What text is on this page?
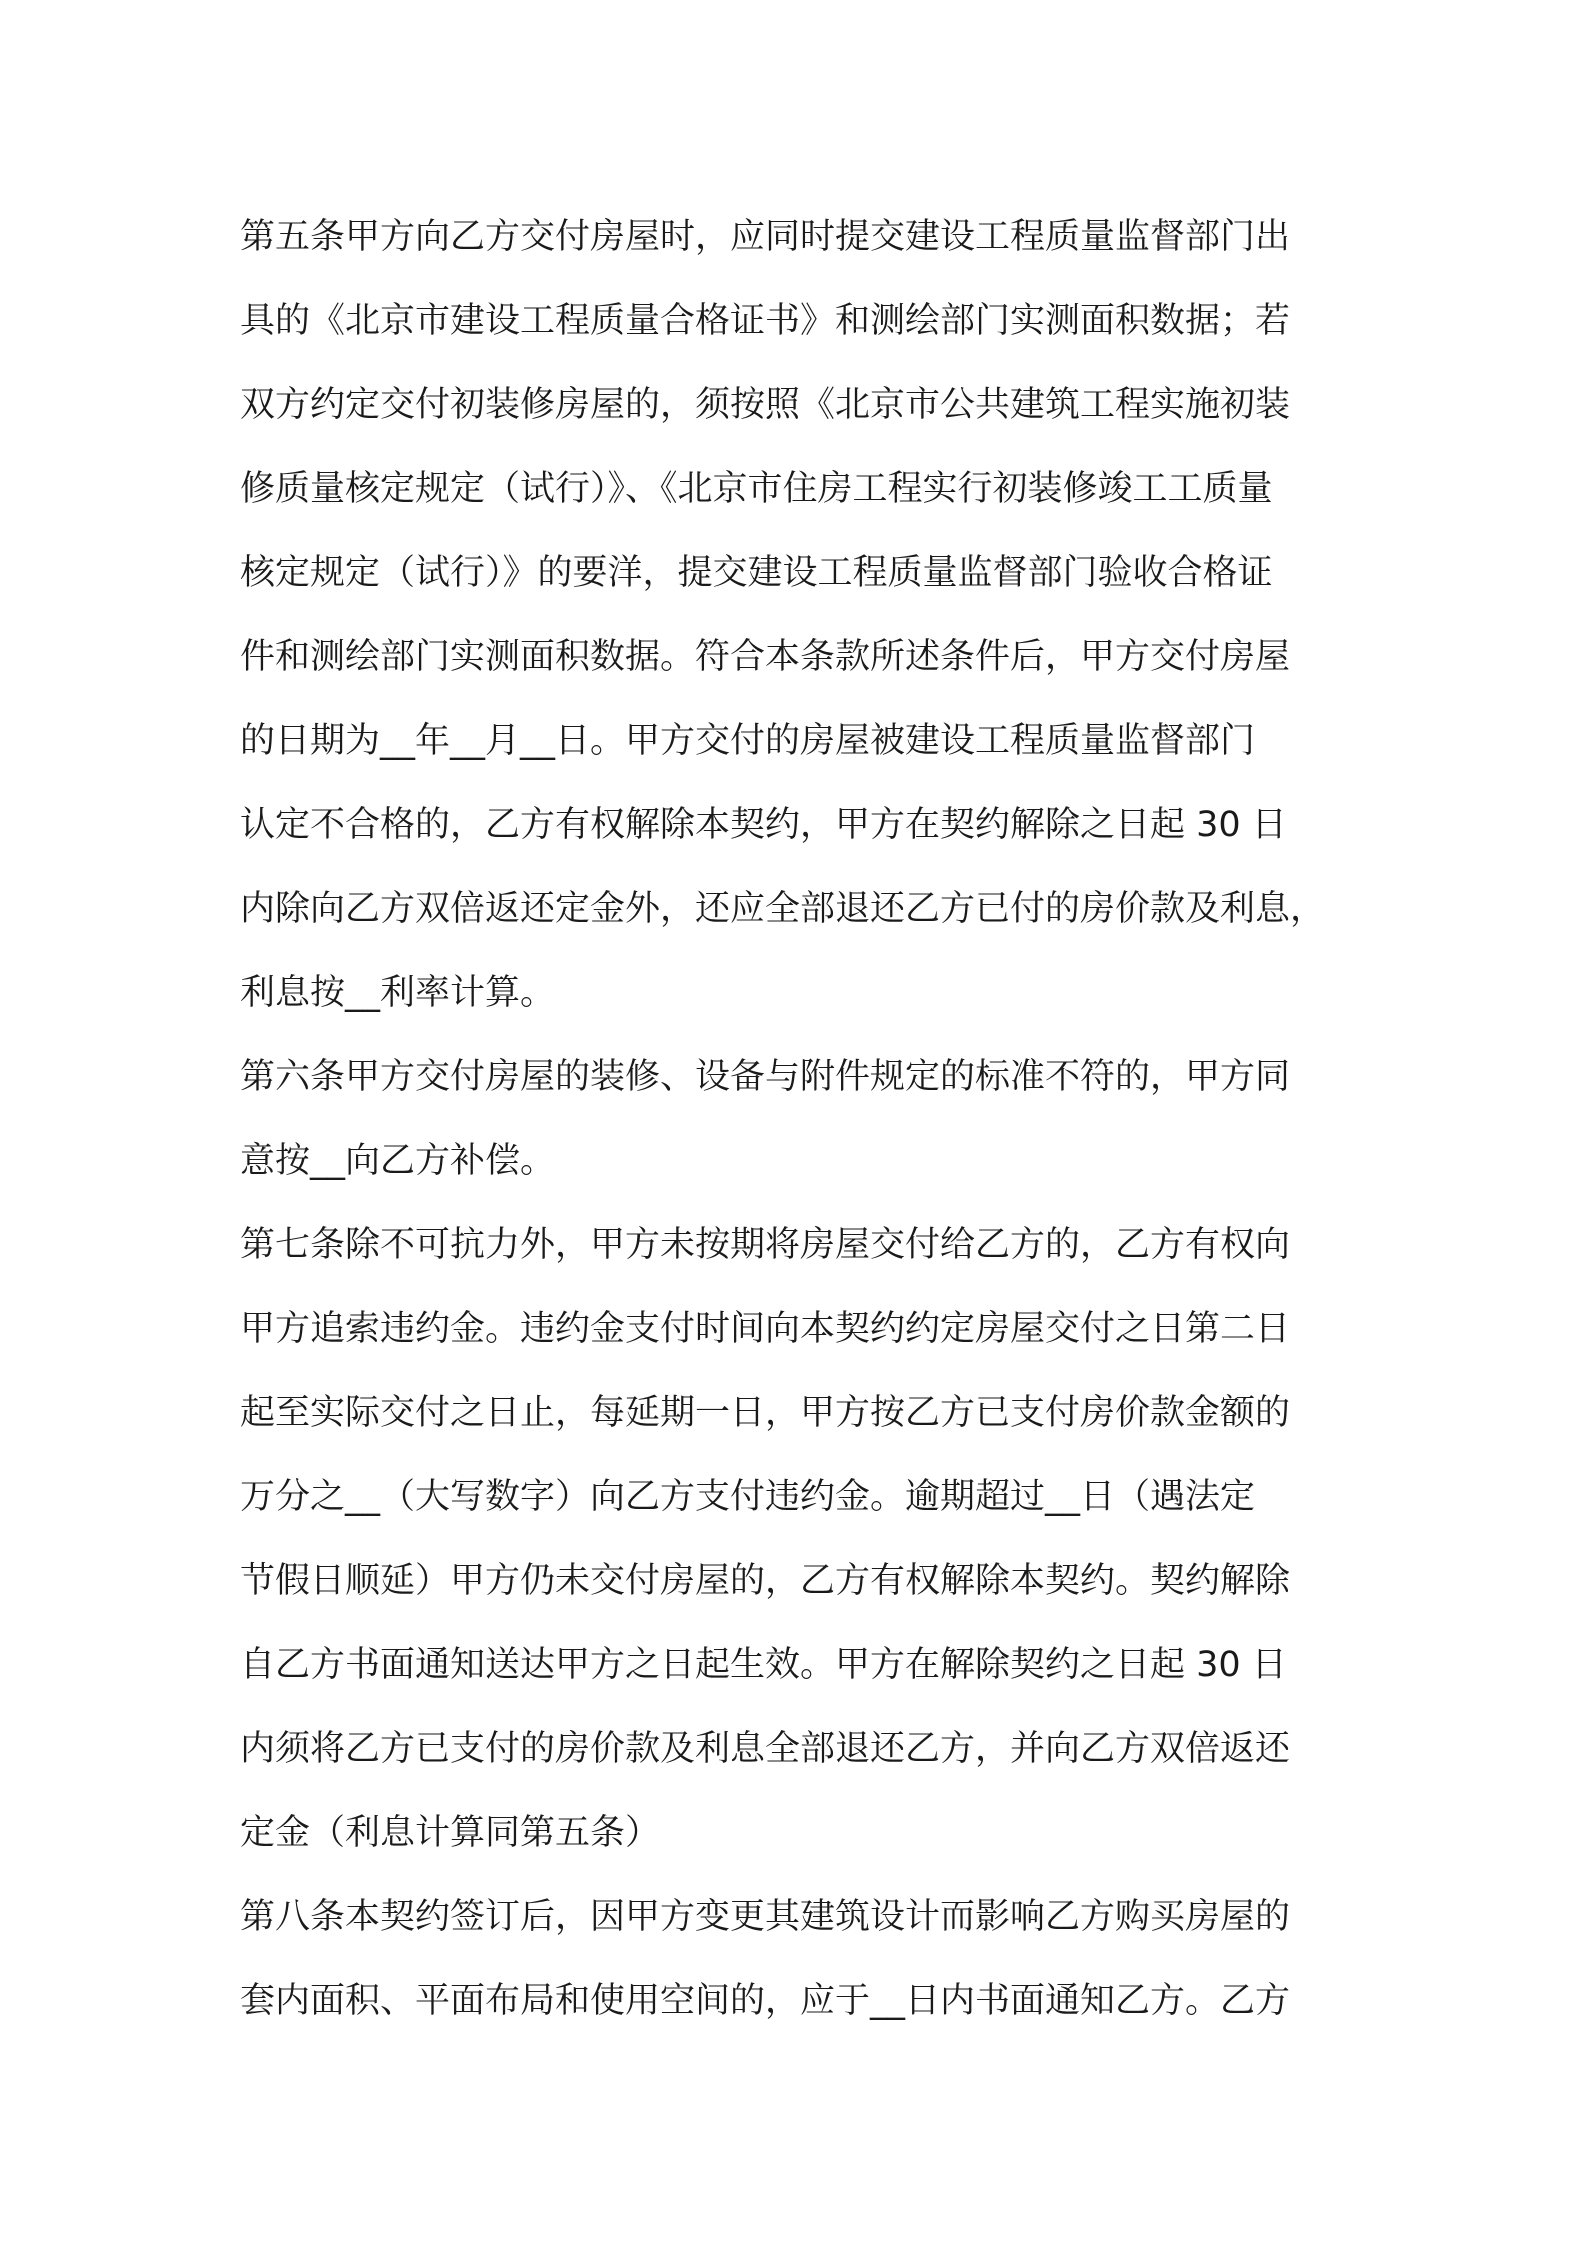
第五条甲方向乙方交付房屋时，应同时提交建设工程质量监督部门出
具的《北京市建设工程质量合格证书》和测绘部门实测面积数据；若
双方约定交付初装修房屋的，须按照《北京市公共建筑工程实施初装
修质量核定规定（试行）》、《北京市住房工程实行初装修竣工工质量
核定规定（试行）》的要洋，提交建设工程质量监督部门验收合格证
件和测绘部门实测面积数据。符合本条款所述条件后，甲方交付房屋
的日期为__年__月__日。甲方交付的房屋被建设工程质量监督部门
认定不合格的，乙方有权解除本契约，甲方在契约解除之日起 30 日
内除向乙方双倍返还定金外，还应全部退还乙方已付的房价款及利息，
利息按__利率计算。
第六条甲方交付房屋的装修、设备与附件规定的标准不符的，甲方同
意按__向乙方补偿。
第七条除不可抗力外，甲方未按期将房屋交付给乙方的，乙方有权向
甲方追索违约金。违约金支付时间向本契约约定房屋交付之日第二日
起至实际交付之日止，每延期一日，甲方按乙方已支付房价款金额的
万分之__（大写数字）向乙方支付违约金。逾期超过__日（遇法定
节假日顺延）甲方仍未交付房屋的，乙方有权解除本契约。契约解除
自乙方书面通知送达甲方之日起生效。甲方在解除契约之日起 30 日
内须将乙方已支付的房价款及利息全部退还乙方，并向乙方双倍返还
定金（利息计算同第五条）
第八条本契约签订后，因甲方变更其建筑设计而影响乙方购买房屋的
套内面积、平面布局和使用空间的，应于__日内书面通知乙方。乙方
